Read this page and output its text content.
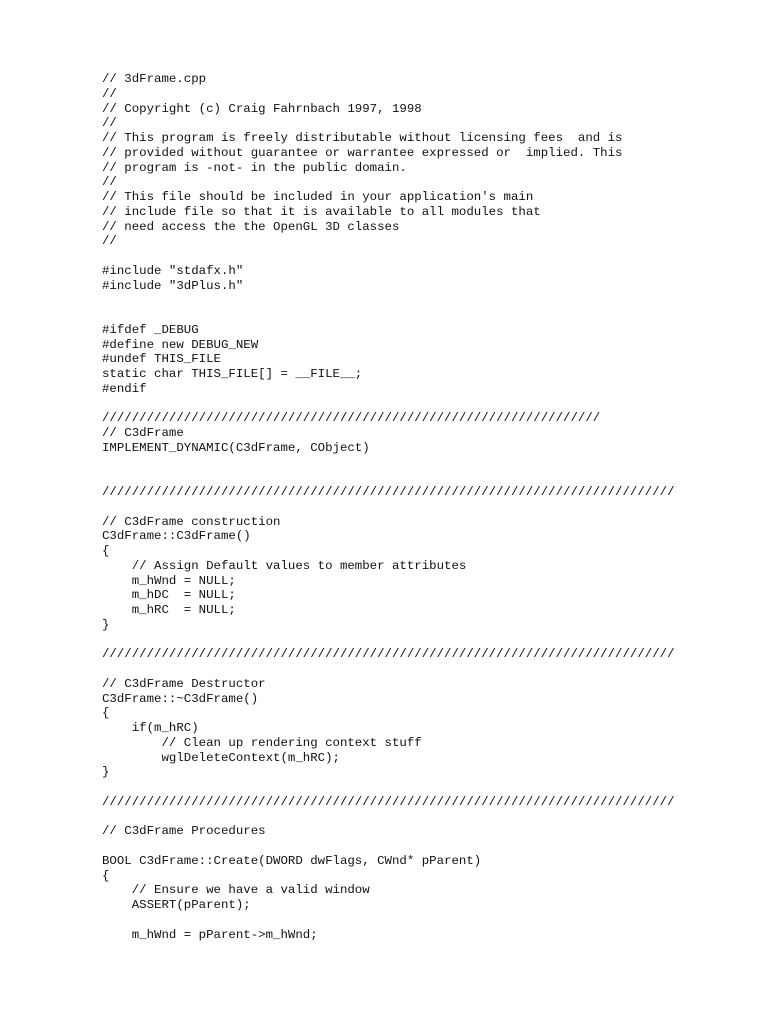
// 3dFrame.cpp
//
// Copyright (c) Craig Fahrnbach 1997, 1998
//
// This program is freely distributable without licensing fees  and is
// provided without guarantee or warrantee expressed or  implied. This
// program is -not- in the public domain.
//
// This file should be included in your application's main
// include file so that it is available to all modules that
// need access the the OpenGL 3D classes
//
#include "stdafx.h"
#include "3dPlus.h"
#ifdef _DEBUG
#define new DEBUG_NEW
#undef THIS_FILE
static char THIS_FILE[] = __FILE__;
#endif
///////////////////////////////////////////////////////////////////
// C3dFrame
IMPLEMENT_DYNAMIC(C3dFrame, CObject)
/////////////////////////////////////////////////////////////////////////////
// C3dFrame construction
C3dFrame::C3dFrame()
{
// Assign Default values to member attributes
m_hWnd = NULL;
m_hDC  = NULL;
m_hRC  = NULL;
}
/////////////////////////////////////////////////////////////////////////////
// C3dFrame Destructor
C3dFrame::~C3dFrame()
{
if(m_hRC)
// Clean up rendering context stuff
wglDeleteContext(m_hRC);
}
/////////////////////////////////////////////////////////////////////////////
// C3dFrame Procedures
BOOL C3dFrame::Create(DWORD dwFlags, CWnd* pParent)
{
// Ensure we have a valid window
ASSERT(pParent);
m_hWnd = pParent->m_hWnd;
